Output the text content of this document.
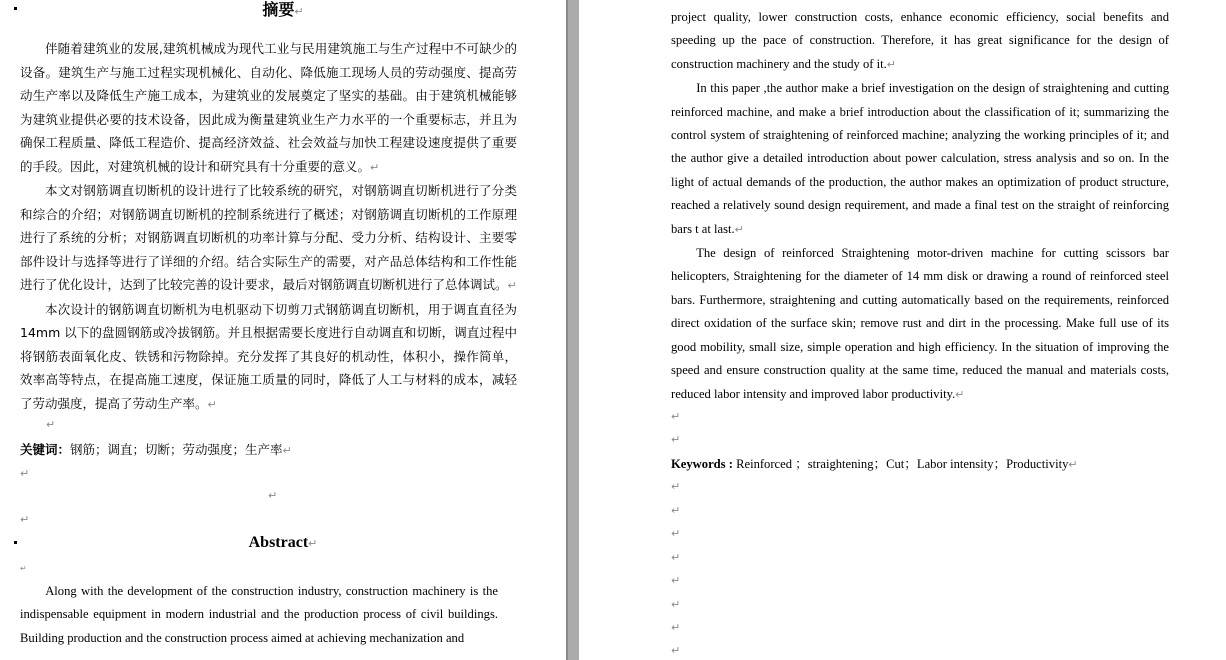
摘要↵

伴随着建筑业的发展,建筑机械成为现代工业与民用建筑施工与生产过程中不可缺少的设备。建筑生产与施工过程实现机械化、自动化、降低施工现场人员的劳动强度、提高劳动生产率以及降低生产施工成本，为建筑业的发展奠定了坚实的基础。由于建筑机械能够为建筑业提供必要的技术设备，因此成为衡量建筑业生产力水平的一个重要标志，并且为确保工程质量、降低工程造价、提高经济效益、社会效益与加快工程建设速度提供了重要的手段。因此，对建筑机械的设计和研究具有十分重要的意义。↵

本文对钢筋调直切断机的设计进行了比较系统的研究，对钢筋调直切断机进行了分类和综合的介绍；对钢筋调直切断机的控制系统进行了概述；对钢筋调直切断机的工作原理进行了系统的分析；对钢筋调直切断机的功率计算与分配、受力分析、结构设计、主要零部件设计与选择等进行了详细的介绍。结合实际生产的需要，对产品总体结构和工作性能进行了优化设计，达到了比较完善的设计要求，最后对钢筋调直切断机进行了总体调试。↵

本次设计的钢筋调直切断机为电机驱动下切剪刀式钢筋调直切断机，用于调直直径为14mm 以下的盘圆钢筋或冷拔钢筋。并且根据需要长度进行自动调直和切断，调直过程中将钢筋表面氧化皮、铁锈和污物除掉。充分发挥了其良好的机动性，体积小，操作简单，效率高等特点，在提高施工速度，保证施工质量的同时，降低了人工与材料的成本，减轻了劳动强度，提高了劳动生产率。↵

↵

关键词：钢筋；调直；切断；劳动强度；生产率↵

↵
↵
↵
Abstract↵
↵

Along with the development of the construction industry, construction machinery is the indispensable equipment in modern industrial and the production process of civil buildings. Building production and the construction process aimed at achieving mechanization and

project quality, lower construction costs, enhance economic efficiency, social benefits and speeding up the pace of construction. Therefore, it has great significance for the design of construction machinery and the study of it.↵

In this paper ,the author make a brief investigation on the design of straightening and cutting reinforced machine, and make a brief introduction about the classification of it; summarizing the control system of straightening of reinforced machine; analyzing the working principles of it; and the author give a detailed introduction about power calculation, stress analysis and so on. In the light of actual demands of the production, the author makes an optimization of product structure, reached a relatively sound design requirement, and made a final test on the straight of reinforcing bars t at last.↵

The design of reinforced Straightening motor-driven machine for cutting scissors bar helicopters, Straightening for the diameter of 14 mm disk or drawing a round of reinforced steel bars. Furthermore, straightening and cutting automatically based on the requirements, reinforced direct oxidation of the surface skin; remove rust and dirt in the processing. Make full use of its good mobility, small size, simple operation and high efficiency. In the situation of improving the speed and ensure construction quality at the same time, reduced the manual and materials costs, reduced labor intensity and improved labor productivity.↵

↵
↵

Keywords : Reinforced ；straightening；Cut；Labor intensity；Productivity↵

↵
↵
↵
↵
↵
↵
↵
↵
